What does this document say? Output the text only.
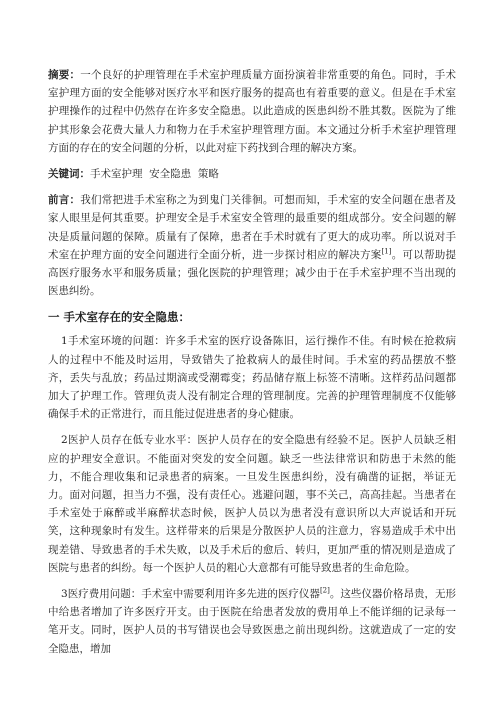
摘要：一个良好的护理管理在手术室护理质量方面扮演着非常重要的角色。同时，手术室护理方面的安全能够对医疗水平和医疗服务的提高也有着重要的意义。但是在手术室护理操作的过程中仍然存在许多安全隐患。以此造成的医患纠纷不胜其数。医院为了维护其形象会花费大量人力和物力在手术室护理管理方面。本文通过分析手术室护理管理方面的存在的安全问题的分析，以此对症下药找到合理的解决方案。

关键词：手术室护理  安全隐患  策略

前言：我们常把进手术室称之为到鬼门关徘徊。可想而知，手术室的安全问题在患者及家人眼里是何其重要。护理安全是手术室安全管理的最重要的组成部分。安全问题的解决是质量问题的保障。质量有了保障，患者在手术时就有了更大的成功率。所以说对手术室在护理方面的安全问题进行全面分析，进一步探讨相应的解决方案[1]。可以帮助提高医疗服务水平和服务质量；强化医院的护理管理；减少由于在手术室护理不当出现的医患纠纷。

一 手术室存在的安全隐患：

1手术室环境的问题：许多手术室的医疗设备陈旧，运行操作不佳。有时候在抢救病人的过程中不能及时运用，导致错失了抢救病人的最佳时间。手术室的药品摆放不整齐，丢失与乱放；药品过期滴或受潮霉变；药品储存瓶上标签不清晰。这样药品问题都加大了护理工作。管理负责人没有制定合理的管理制度。完善的护理管理制度不仅能够确保手术的正常进行，而且能过促进患者的身心健康。

2医护人员存在低专业水平：医护人员存在的安全隐患有经验不足。医护人员缺乏相应的护理安全意识。不能面对突发的安全问题。缺乏一些法律常识和防患于未然的能力，不能合理收集和记录患者的病案。一旦发生医患纠纷，没有确凿的证据，举证无力。面对问题，担当力不强，没有责任心。逃避问题，事不关己，高高挂起。当患者在手术室处于麻醉或半麻醉状态时候，医护人员以为患者没有意识所以大声说话和开玩笑，这种现象时有发生。这样带来的后果是分散医护人员的注意力，容易造成手术中出现差错、导致患者的手术失败，以及手术后的愈后、转归，更加严重的情况则是造成了医院与患者的纠纷。每一个医护人员的粗心大意都有可能导致患者的生命危险。

3医疗费用问题：手术室中需要利用许多先进的医疗仪器[2]。这些仪器价格昂贵，无形中给患者增加了许多医疗开支。由于医院在给患者发放的费用单上不能详细的记录每一笔开支。同时，医护人员的书写错误也会导致医患之前出现纠纷。这就造成了一定的安全隐患，增加
